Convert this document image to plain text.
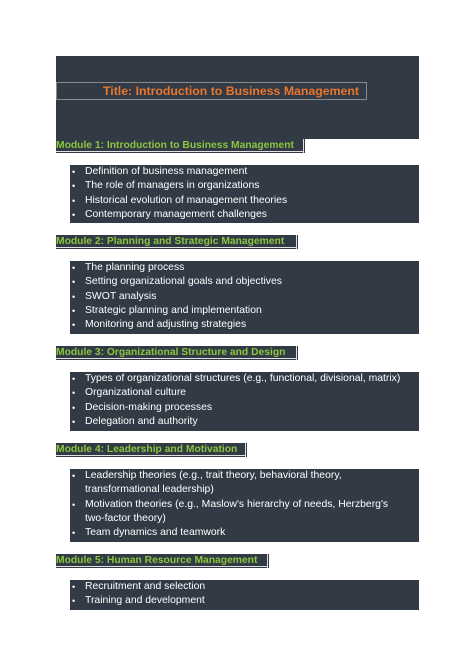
Title: Introduction to Business Management
Module 1: Introduction to Business Management
• Definition of business management
• The role of managers in organizations
• Historical evolution of management theories
• Contemporary management challenges
Module 2: Planning and Strategic Management
• The planning process
• Setting organizational goals and objectives
• SWOT analysis
• Strategic planning and implementation
• Monitoring and adjusting strategies
Module 3: Organizational Structure and Design
• Types of organizational structures (e.g., functional, divisional, matrix)
• Organizational culture
• Decision-making processes
• Delegation and authority
Module 4: Leadership and Motivation
• Leadership theories (e.g., trait theory, behavioral theory,
transformational leadership)
• Motivation theories (e.g., Maslow's hierarchy of needs, Herzberg's
two-factor theory)
• Team dynamics and teamwork
Module 5: Human Resource Management
• Recruitment and selection
• Training and development
